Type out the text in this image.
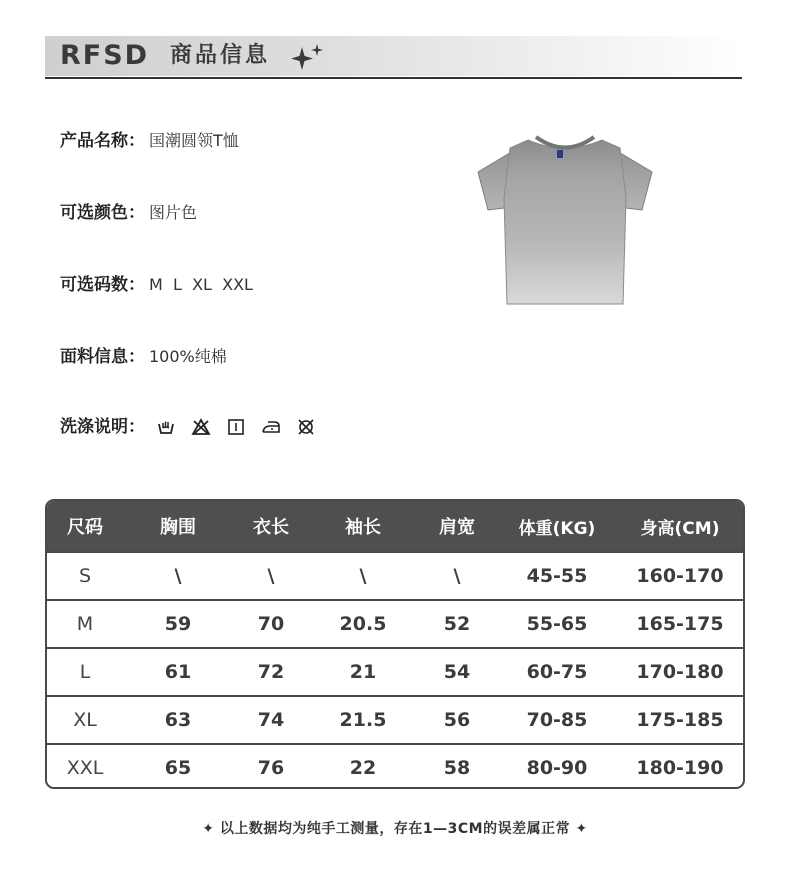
RFSD 商品信息
产品名称： 国潮圆领T恤
可选颜色： 图片色
可选码数： M  L  XL  XXL
面料信息： 100%纯棉
洗涤说明：
尺码	胸围	衣长	袖长	肩宽	体重(KG)	身高(CM)
S	\	\	\	\	45-55	160-170
M	59	70	20.5	52	55-65	165-175
L	61	72	21	54	60-75	170-180
XL	63	74	21.5	56	70-85	175-185
XXL	65	76	22	58	80-90	180-190
✦ 以上数据均为纯手工测量，存在1—3CM的误差属正常 ✦
